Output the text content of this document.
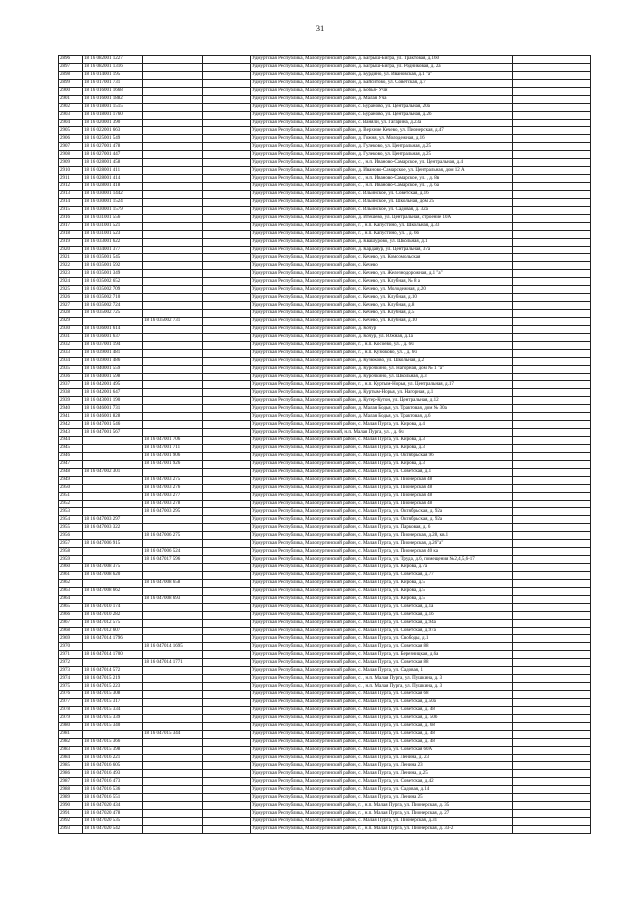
31
2896	18 16 082001 1227			Удмуртская Республика, Малопургинский район, д. Багрыш-Бигра, ул. Трактовая, д.160	
2897	18 16 082001 1316			Удмуртская Республика, Малопургинский район, д. Багрыш-Бигра, ул. Родниковая, д. 2а	
2898	18 16 014001 195			Удмуртская Республика, Малопургинский район, д. Бурдино, ул. Ивановская, д.1 "а"	
2899	18 16 017001 731			Удмуртская Республика, Малопургинский район, д. Байситово, ул. Советская, д.7	
2900	18 16 016001 1668			Удмуртская Республика, Малопургинский район, д. Бобья- Учи	
2901	18 16 016001 1882			Удмуртская Республика, Малопургинский район, д. Малая Уча	
2902	18 16 018001 1515			Удмуртская Республика, Малопургинский район, с. Бураново, ул. Центральная, 20а	
2903	18 16 018001 1760			Удмуртская Республика, Малопургинский район, с. Бураново, ул. Центральная, д.2б	
2904	18 16 020001 390			Удмуртская Республика, Малопургинский район, с. Ваняли, ул. Гагарина, д.23а	
2905	18 16 022001 663			Удмуртская Республика, Малопургинский район, д. Верхние Кечево, ул. Пионерская, д.47	
2906	18 16 025001 549			Удмуртская Республика, Малопургинский район, д. Гожня, ул. Молодежная, д.16	
2907	18 16 027001 478			Удмуртская Республика, Малопургинский район, д. Гулеково, ул. Центральная, д.25	
2908	18 16 027001 447			Удмуртская Республика, Малопургинский район, д. Гулеково, ул. Центральная, д.25	
2909	18 16 028001 458			Удмуртская Республика, Малопургинский район, с. , н.п. Иваново-Самарское, ул. Центральная, д.4	
2910	18 16 028001 411			Удмуртская Республика, Малопургинский район, д. Иваново-Самарское, ул. Центральная, дом 12 А	
2911	18 16 028001 414			Удмуртская Республика, Малопургинский район, с. , н.п. Иваново-Самарское, ул. , д. 8в	
2912	18 16 028001 418			Удмуртская Республика, Малопургинский район, с. , н.п. Иваново-Самарское, ул. , д. 6а	
2913	18 16 030001 1442			Удмуртская Республика, Малопургинский район, с. Ильинское, ул. Советская, д.16	
2914	18 16 030001 1524			Удмуртская Республика, Малопургинский район, с. Ильинское, ул. Школьная, дом 25	
2915	18 16 030001 1579			Удмуртская Республика, Малопургинский район, с. Ильинское, ул. Садовая, д. 32а	
2916	18 16 031001 556			Удмуртская Республика, Малопургинский район, д. Итешево, ул. Центральная, строение 10А	
2917	18 16 031001 521			Удмуртская Республика, Малопургинский район, г. , н.п. Капустино, ул. Школьная, д.33	
2918	18 16 031001 523			Удмуртская Республика, Малопургинский район, г. , н.п. Капустино, ул. , д. 6б	
2919	18 16 033001 622			Удмуртская Республика, Малопургинский район, д. Квашурово, ул. Школьная, д.1	
2920	18 16 034001 377			Удмуртская Республика, Малопургинский район, д. Кардавур, ул. Центральная, 37а	
2921	18 16 035001 545			Удмуртская Республика, Малопургинский район, с. Кечево, ул. Комсомольская	
2922	18 16 035001 592			Удмуртская Республика, Малопургинский район, с. Кечево	
2923	18 16 035001 349			Удмуртская Республика, Малопургинский район, с. Кечево, ул. Железнодорожная, д.1 "а"	
2924	18 16 035002 652			Удмуртская Республика, Малопургинский район, с. Кечево, ул. Клубная, № 8 а	
2925	18 16 035002 709			Удмуртская Республика, Малопургинский район, с. Кечево, ул. Молодежная, д.20	
2926	18 16 035002 710			Удмуртская Республика, Малопургинский район, с. Кечево, ул. Клубная, д.10	
2927	18 16 035002 724			Удмуртская Республика, Малопургинский район, с. Кечево, ул. Клубная, д.8	
2928	18 16 035002 725			Удмуртская Республика, Малопургинский район, с. Кечево, ул. Клубная, д.5	
2929		18 16 035002 731		Удмуртская Республика, Малопургинский район, с. Кечево, ул. Клубная, д.10	
2930	18 16 036001 614			Удмуртская Республика, Малопургинский район, д. Кочур	
2931	18 16 036001 637			Удмуртская Республика, Малопургинский район, д. Кочур, ул. Южная, д.1а	
2932	18 16 037001 194			Удмуртская Республика, Малопургинский район, г. , н.п. Косоево, ул. , д. 6ч	
2933	18 16 039001 481			Удмуртская Республика, Малопургинский район, г. , н.п. Кузюково, ул. , д. 6ч	
2934	18 16 039001 486			Удмуртская Республика, Малопургинский район, д. Кузюково, ул. Школьная, д.2	
2935	18 16 040001 559			Удмуртская Республика, Малопургинский район, д. Курочкино, ул. Нагорная, дом № 1 "а"	
2936	18 16 040001 598			Удмуртская Республика, Малопургинский район, д. Курочкино, ул. Школьная, д.3	
2937	18 16 042001 495			Удмуртская Республика, Малопургинский район, г. , н.п. Куртым-Норья, ул. Центральная, д.17	
2938	18 16 042001 647			Удмуртская Республика, Малопургинский район, д. Куртым-Норья, ул. Нагорная, д.1	
2939	18 16 043001 190			Удмуртская Республика, Малопургинский район, д. Кутер-Кутон, ул. Центральная, д.12	
2940	18 16 046001 731			Удмуртская Республика, Малопургинский район, д. Малая Бодья, ул. Трактовая, дом № 30а	
2941	18 16 046001 828			Удмуртская Республика, Малопургинский район, д. Малая Бодья, ул. Трактовая, д.6	
2942	18 16 047001 546			Удмуртская Республика, Малопургинский район, с. Малая Пурга, ул. Кирова, д.4	
2943	18 16 047001 567			Удмуртская Республика, Малопургинский, н.п. Малая Пурга, ул. , д. 6ч	
2944		18 16 047001 706		Удмуртская Республика, Малопургинский район, с. Малая Пурга, ул. Кирова, д.3	
2945		18 16 047001 711		Удмуртская Республика, Малопургинский район, с. Малая Пурга, ул. Кирова, д.3	
2946		18 16 047001 906		Удмуртская Республика, Малопургинский район, с. Малая Пурга, ул. Октябрьская 96	
2947		18 16 047001 926		Удмуртская Республика, Малопургинский район, с. Малая Пурга, ул. Кирова, д.3	
2948	18 16 047002 301			Удмуртская Республика, Малопургинский район, с. Малая Пурга, ул. Советская, д.1	
2949		18 16 047003 275		Удмуртская Республика, Малопургинский район, с. Малая Пурга, ул. Пионерская 48	
2950		18 16 047003 276		Удмуртская Республика, Малопургинский район, с. Малая Пурга, ул. Пионерская 48	
2951		18 16 047003 277		Удмуртская Республика, Малопургинский район, с. Малая Пурга, ул. Пионерская 48	
2952		18 16 047003 278		Удмуртская Республика, Малопургинский район, с. Малая Пурга, ул. Пионерская 48	
2953		18 16 047003 295		Удмуртская Республика, Малопургинский район, с. Малая Пурга, ул. Октябрьская, д. 92а	
2954	18 16 047003 297			Удмуртская Республика, Малопургинский район, с. Малая Пурга, ул. Октябрьская, д. 92а	
2955	18 16 047003 322			Удмуртская Республика, Малопургинский район, с. Малая Пурга, ул. Парковая, д. 6	
2956		18 16 047006 275		Удмуртская Республика, Малопургинский район, с. Малая Пурга, ул. Пионерская, д.28, кв.1	
2957	18 16 047006 915			Удмуртская Республика, Малопургинский район, с. Малая Пурга, ул. Пионерская, д.26"а"	
2958		18 16 047006 524		Удмуртская Республика, Малопургинский район, с. Малая Пурга, ул. Пионерская 40 ка	
2959		18 16 047017 596		Удмуртская Республика, Малопургинский район, с. Малая Пурга, ул. Труда, д.6, помещения №2,4,5,6-17	
2960	18 16 047008 375			Удмуртская Республика, Малопургинский район, с. Малая Пурга, ул. Кирова, д.7а	
2961	18 16 047008 620			Удмуртская Республика, Малопургинский район, с. Малая Пурга, ул. Советская, д.77	
2962		18 16 047008 658		Удмуртская Республика, Малопургинский район, с. Малая Пурга, ул. Кирова, д.5	
2963	18 16 047008 662			Удмуртская Республика, Малопургинский район, с. Малая Пурга, ул. Кирова, д.5	
2964		18 16 047008 693		Удмуртская Республика, Малопургинский район, с. Малая Пурга, ул. Кирова, д.5	
2965	18 16 047010 174			Удмуртская Республика, Малопургинский район, с. Малая Пурга, ул. Советская, д.1а	
2966	18 16 047010 282			Удмуртская Республика, Малопургинский район, с. Малая Пурга, ул. Советская, д.1б	
2967	18 16 047012 575			Удмуртская Республика, Малопургинский район, с. Малая Пурга, ул. Советская, д.94а	
2968	18 16 047012 607			Удмуртская Республика, Малопургинский район, с. Малая Пурга, ул. Советская, д.97а	
2969	18 16 047014 1796			Удмуртская Республика, Малопургинский район, с. Малая Пурга, ул. Свободы, д.1	
2970		18 16 047014 1695		Удмуртская Республика, Малопургинский район, с. Малая Пурга, ул. Советская 88	
2971	18 16 047014 1700			Удмуртская Республика, Малопургинский район, с. Малая Пурга, ул. Березницкая, д.6а	
2972		18 16 047014 1771		Удмуртская Республика, Малопургинский район, с. Малая Пурга, ул. Советская 88	
2973	18 16 047014 572			Удмуртская Республика, Малопургинский район, с. Малая Пурга, ул. Садовая, 1	
2974	18 16 047015 219			Удмуртская Республика, Малопургинский район, с. , н.п. Малая Пурга, ул. Пушкина, д. 3	
2975	18 16 047015 223			Удмуртская Республика, Малопургинский район, с. , н.п. Малая Пурга, ул. Пушкина, д. 3	
2976	18 16 047015 308			Удмуртская Республика, Малопургинский район, с. Малая Пурга, ул. Советская 68	
2977	18 16 047015 317			Удмуртская Республика, Малопургинский район, с. Малая Пурга, ул. Советская, д.50а	
2978	18 16 047015 334			Удмуртская Республика, Малопургинский район, с. Малая Пурга, ул. Советская, д. 48	
2979	18 16 047015 339			Удмуртская Республика, Малопургинский район, с. Малая Пурга, ул. Советская, д. 50б	
2980	18 16 047015 340			Удмуртская Республика, Малопургинский район, с. Малая Пурга, ул. Советская, д. 68	
2981		18 16 047015 344		Удмуртская Республика, Малопургинский район, с. Малая Пурга, ул. Советская, д. 48	
2982	18 16 047015 366			Удмуртская Республика, Малопургинский район, с. Малая Пурга, ул. Советская, д. 48	
2983	18 16 047015 398			Удмуртская Республика, Малопургинский район, с. Малая Пурга, ул. Советская 60А	
2984	18 16 047016 221			Удмуртская Республика, Малопургинский район, с. Малая Пурга, ул. Ленина, д. 23	
2985	18 16 047016 605			Удмуртская Республика, Малопургинский район, с. Малая Пурга, ул. Ленина 23	
2986	18 16 047016 493			Удмуртская Республика, Малопургинский район, с. Малая Пурга, ул. Ленина, д.25	
2987	18 16 047016 473			Удмуртская Республика, Малопургинский район, с. Малая Пурга, ул. Советская, д.42	
2988	18 16 047016 536			Удмуртская Республика, Малопургинский район, с. Малая Пурга, ул. Садовая, д.14	
2989	18 16 047016 551			Удмуртская Республика, Малопургинский район, с. Малая Пурга, ул. Ленина 25	
2990	18 16 047020 434			Удмуртская Республика, Малопургинский район, г. , н.п. Малая Пурга, ул. Пионерская, д. 35	
2991	18 16 047020 478			Удмуртская Республика, Малопургинский район, г. , н.п. Малая Пурга, ул. Пионерская, д. 27	
2992	18 16 047020 535			Удмуртская Республика, Малопургинский район, с. Малая Пурга, ул. Пионерская, д.31	
2993	18 16 047020 542			Удмуртская Республика, Малопургинский район, г. , н.п. Малая Пурга, ул. Пионерская, д. 33-2	
